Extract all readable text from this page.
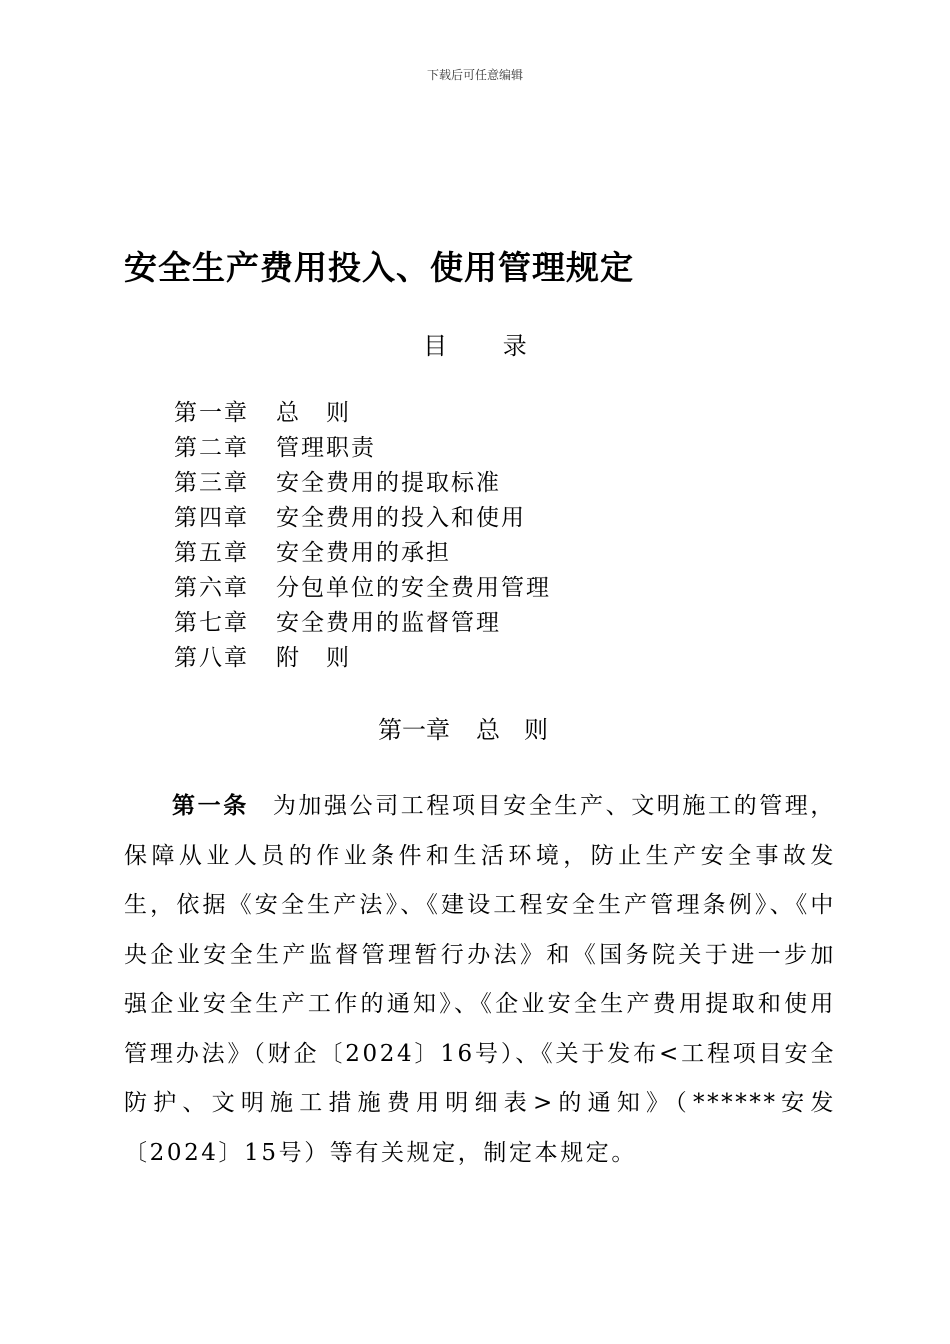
下载后可任意编辑
安全生产费用投入、使用管理规定
目 录
第一章 总　则
第二章 管理职责
第三章 安全费用的提取标准
第四章 安全费用的投入和使用
第五章 安全费用的承担
第六章 分包单位的安全费用管理
第七章 安全费用的监督管理
第八章 附　则
第一章 总则

第一条 为加强公司工程项目安全生产、文明施工的管理，保障从业人员的作业条件和生活环境，防止生产安全事故发生，依据《安全生产法》、《建设工程安全生产管理条例》、《中央企业安全生产监督管理暂行办法》和《国务院关于进一步加强企业安全生产工作的通知》、《企业安全生产费用提取和使用管理办法》（财企〔2024〕16号）、《关于发布<工程项目安全防护、文明施工措施费用明细表>的通知》（******安发〔2024〕15号）等有关规定，制定本规定。
